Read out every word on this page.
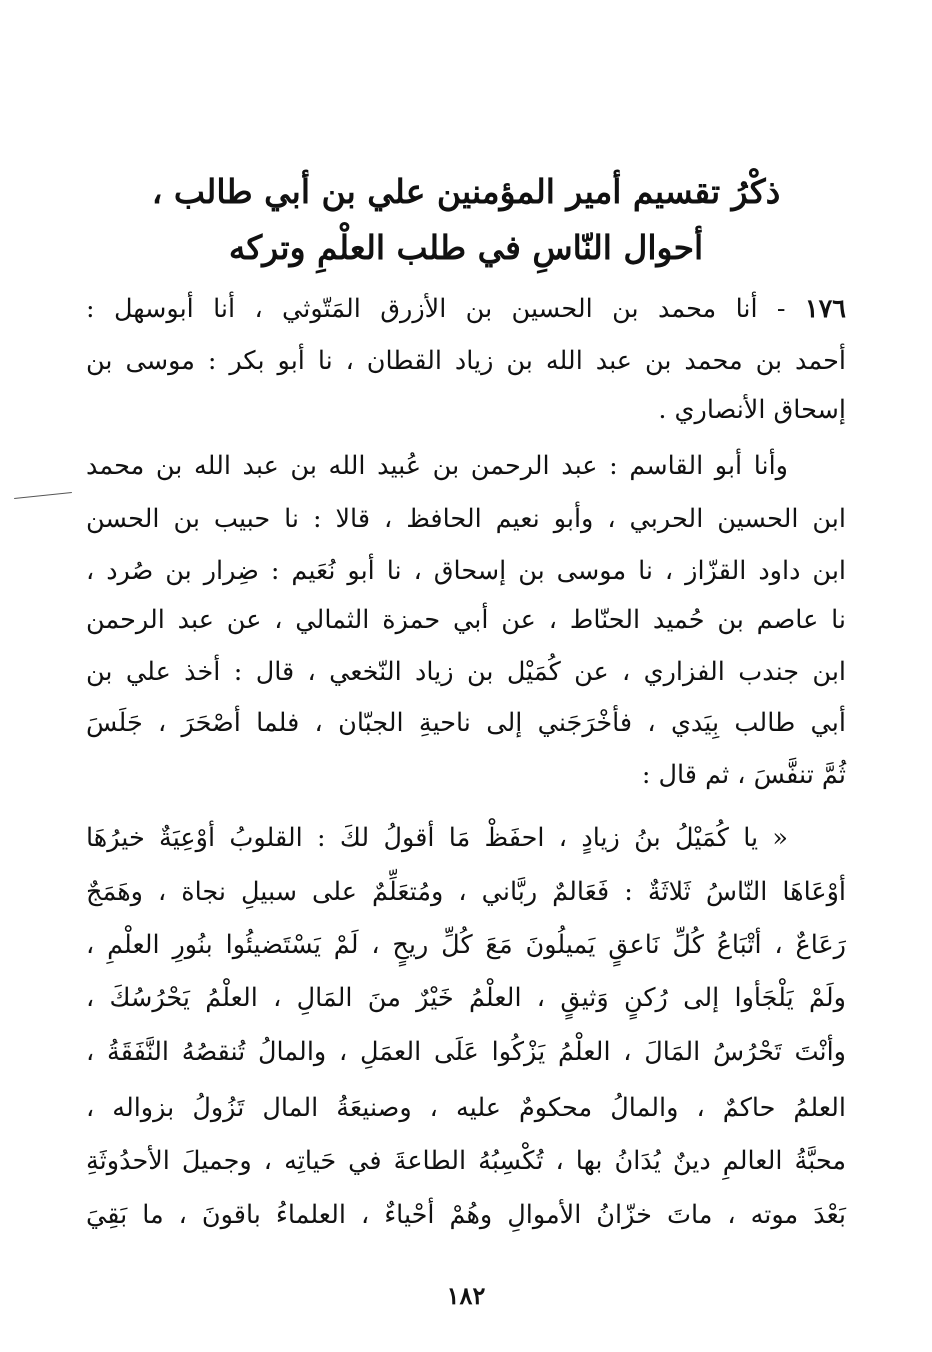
ذكْرُ تقسيم أمير المؤمنين علي بن أبي طالب ،
أحوال النّاسِ في طلب العلْمِ وتركه
١٧٦ - أنا محمد بن الحسين بن الأزرق المَتّوثي ، أنا أبوسهل :
أحمد بن محمد بن عبد الله بن زياد القطان ، نا أبو بكر : موسى بن
إسحاق الأنصاري .
وأنا أبو القاسم : عبد الرحمن بن عُبيد الله بن عبد الله بن محمد
ابن الحسين الحربي ، وأبو نعيم الحافظ ، قالا : نا حبيب بن الحسن
ابن داود القزّاز ، نا موسى بن إسحاق ، نا أبو نُعَيم : ضِرار بن صُرد ،
نا عاصم بن حُميد الحنّاط ، عن أبي حمزة الثمالي ، عن عبد الرحمن
ابن جندب الفزاري ، عن كُمَيْل بن زياد النّخعي ، قال : أخذ علي بن
أبي طالب بِيَدي ، فأخْرَجَني إلى ناحيةِ الجبّان ، فلما أصْحَرَ ، جَلَسَ
ثُمَّ تنفَّسَ ، ثم قال :
« يا كُمَيْلُ بنُ زيادٍ ، احفَظْ مَا أقولُ لكَ : القلوبُ أوْعِيَةٌ خيرُهَا
أوْعَاهَا النّاسُ ثَلاثَةٌ : فَعَالمٌ ربَّاني ، ومُتعَلِّمٌ على سبيلِ نجاة ، وهَمَجٌ
رَعَاعٌ ، أتْبَاعُ كُلِّ نَاعقٍ يَميلُونَ مَعَ كُلِّ ريحٍ ، لَمْ يَسْتَضيئُوا بنُورِ العلْمِ ،
ولَمْ يَلْجَأوا إلى رُكنٍ وَثيقٍ ، العلْمُ خَيْرٌ منَ المَالِ ، العلْمُ يَحْرُسُكَ ،
وأنْتَ تَحْرُسُ المَالَ ، العلْمُ يَزْكُوا عَلَى العمَلِ ، والمالُ تُنقصُهُ النَّفَقَةُ ،
العلمُ حاكمٌ ، والمالُ محكومٌ عليه ، وصنيعَةُ المال تَزُولُ بزواله ،
محبَّةُ العالمِ دينٌ يُدَانُ بها ، تُكْسِبُهُ الطاعةَ في حَياتِه ، وجميلَ الأحدُوثَةِ
بَعْدَ موته ، ماتَ خزّانُ الأموالِ وهُمْ أحْياءٌ ، العلماءُ باقونَ ، ما بَقِيَ
١٨٢
